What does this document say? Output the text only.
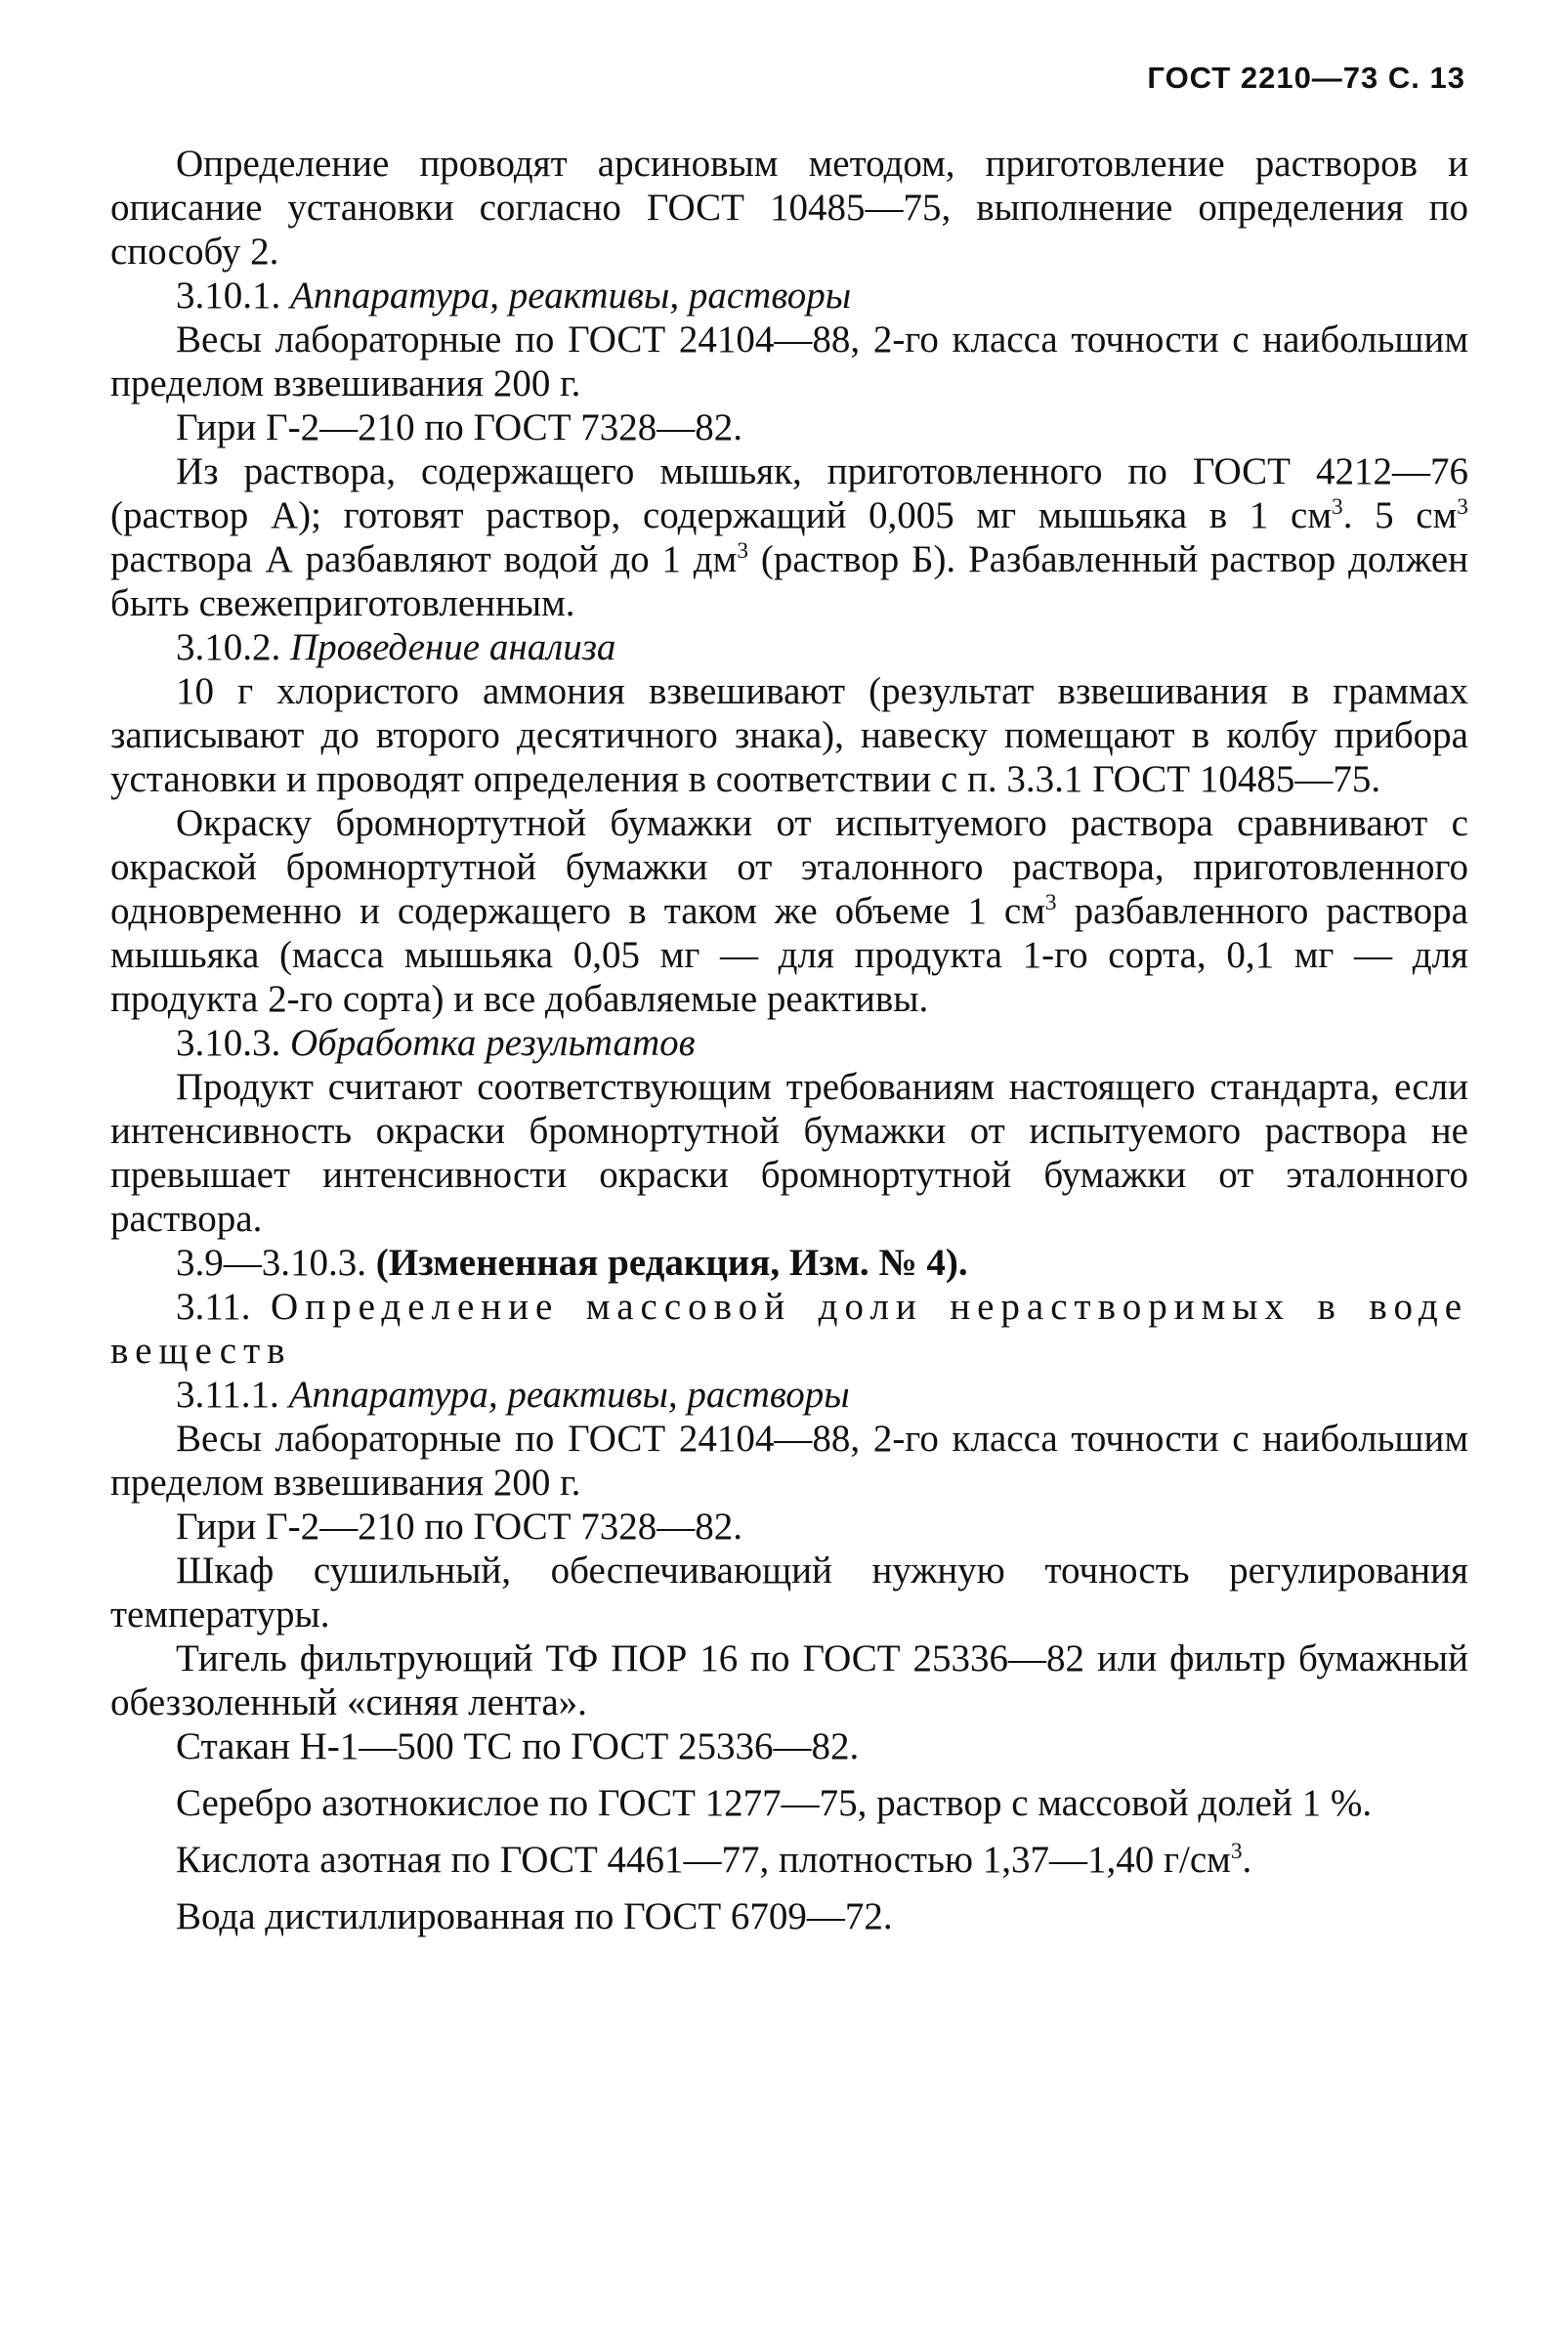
ГОСТ 2210—73 С. 13

Определение проводят арсиновым методом, приготовление растворов и описание установки согласно ГОСТ 10485—75, выполнение определения по способу 2.

3.10.1. Аппаратура, реактивы, растворы

Весы лабораторные по ГОСТ 24104—88, 2-го класса точности с наибольшим пределом взвешивания 200 г.

Гири Г-2—210 по ГОСТ 7328—82.

Из раствора, содержащего мышьяк, приготовленного по ГОСТ 4212—76 (раствор А); готовят раствор, содержащий 0,005 мг мышьяка в 1 $см^3$. 5 $см^3$ раствора А разбавляют водой до 1 $дм^3$ (раствор Б). Разбавленный раствор должен быть свежеприготовленным.

3.10.2. Проведение анализа

10 г хлористого аммония взвешивают (результат взвешивания в граммах записывают до второго десятичного знака), навеску помещают в колбу прибора установки и проводят определения в соответствии с п. 3.3.1 ГОСТ 10485—75.

Окраску бромнортутной бумажки от испытуемого раствора сравнивают с окраской бромнортутной бумажки от эталонного раствора, приготовленного одновременно и содержащего в таком же объеме 1 $см^3$ разбавленного раствора мышьяка (масса мышьяка 0,05 мг — для продукта 1-го сорта, 0,1 мг — для продукта 2-го сорта) и все добавляемые реактивы.

3.10.3. Обработка результатов

Продукт считают соответствующим требованиям настоящего стандарта, если интенсивность окраски бромнортутной бумажки от испытуемого раствора не превышает интенсивности окраски бромнортутной бумажки от эталонного раствора.

3.9—3.10.3. (Измененная редакция, Изм. № 4).

3.11. Определение массовой доли нерастворимых в воде веществ

3.11.1. Аппаратура, реактивы, растворы

Весы лабораторные по ГОСТ 24104—88, 2-го класса точности с наибольшим пределом взвешивания 200 г.

Гири Г-2—210 по ГОСТ 7328—82.

Шкаф сушильный, обеспечивающий нужную точность регулирования температуры.

Тигель фильтрующий ТФ ПОР 16 по ГОСТ 25336—82 или фильтр бумажный обеззоленный «синяя лента».

Стакан Н-1—500 ТС по ГОСТ 25336—82.

Серебро азотнокислое по ГОСТ 1277—75, раствор с массовой долей 1 %.

Кислота азотная по ГОСТ 4461—77, плотностью 1,37—1,40 $г/см^3$.

Вода дистиллированная по ГОСТ 6709—72.
